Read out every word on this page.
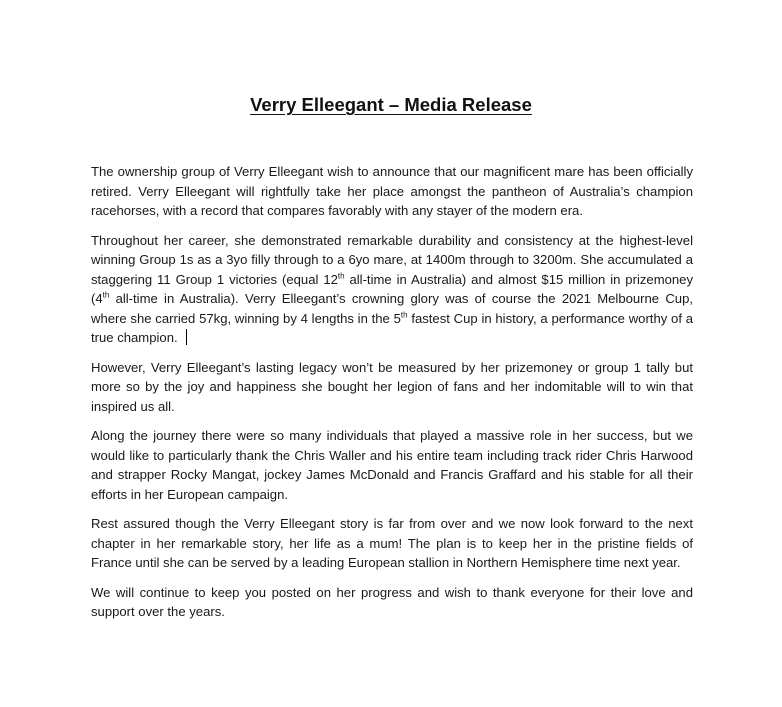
Verry Elleegant – Media Release

The ownership group of Verry Elleegant wish to announce that our magnificent mare has been officially retired. Verry Elleegant will rightfully take her place amongst the pantheon of Australia’s champion racehorses, with a record that compares favorably with any stayer of the modern era.

Throughout her career, she demonstrated remarkable durability and consistency at the highest-level winning Group 1s as a 3yo filly through to a 6yo mare, at 1400m through to 3200m. She accumulated a staggering 11 Group 1 victories (equal 12th all-time in Australia) and almost $15 million in prizemoney (4th all-time in Australia). Verry Elleegant’s crowning glory was of course the 2021 Melbourne Cup, where she carried 57kg, winning by 4 lengths in the 5th fastest Cup in history, a performance worthy of a true champion.

However, Verry Elleegant’s lasting legacy won’t be measured by her prizemoney or group 1 tally but more so by the joy and happiness she bought her legion of fans and her indomitable will to win that inspired us all.

Along the journey there were so many individuals that played a massive role in her success, but we would like to particularly thank the Chris Waller and his entire team including track rider Chris Harwood and strapper Rocky Mangat, jockey James McDonald and Francis Graffard and his stable for all their efforts in her European campaign.

Rest assured though the Verry Elleegant story is far from over and we now look forward to the next chapter in her remarkable story, her life as a mum! The plan is to keep her in the pristine fields of France until she can be served by a leading European stallion in Northern Hemisphere time next year.

We will continue to keep you posted on her progress and wish to thank everyone for their love and support over the years.
